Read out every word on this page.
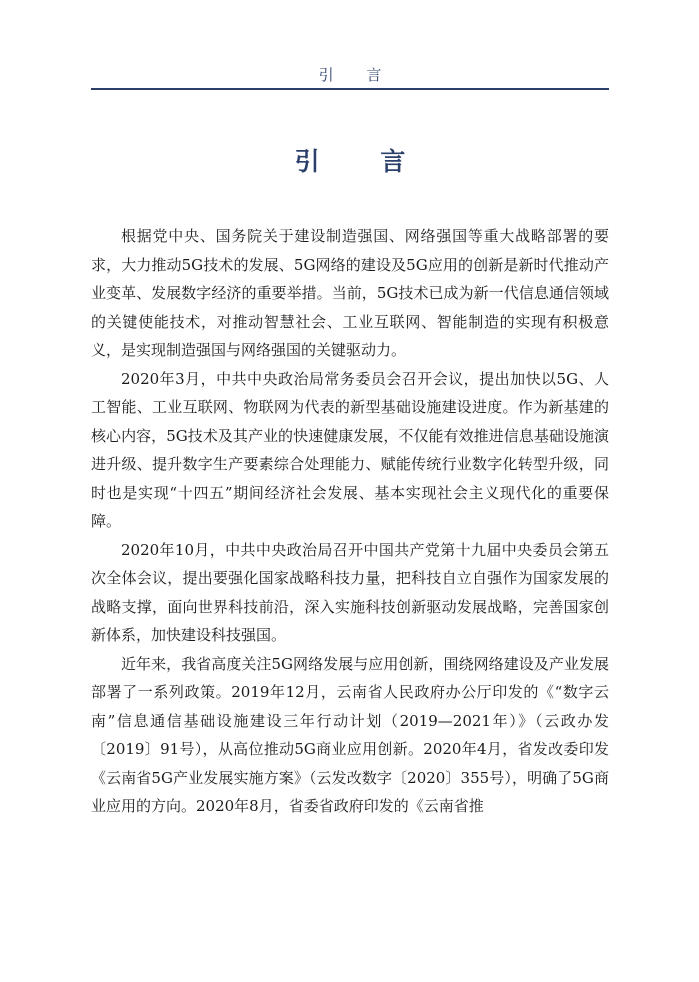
引 言
引 言

根据党中央、国务院关于建设制造强国、网络强国等重大战略部署的要求，大力推动5G技术的发展、5G网络的建设及5G应用的创新是新时代推动产业变革、发展数字经济的重要举措。当前，5G技术已成为新一代信息通信领域的关键使能技术，对推动智慧社会、工业互联网、智能制造的实现有积极意义，是实现制造强国与网络强国的关键驱动力。

2020年3月，中共中央政治局常务委员会召开会议，提出加快以5G、人工智能、工业互联网、物联网为代表的新型基础设施建设进度。作为新基建的核心内容，5G技术及其产业的快速健康发展，不仅能有效推进信息基础设施演进升级、提升数字生产要素综合处理能力、赋能传统行业数字化转型升级，同时也是实现“十四五”期间经济社会发展、基本实现社会主义现代化的重要保障。

2020年10月，中共中央政治局召开中国共产党第十九届中央委员会第五次全体会议，提出要强化国家战略科技力量，把科技自立自强作为国家发展的战略支撑，面向世界科技前沿，深入实施科技创新驱动发展战略，完善国家创新体系，加快建设科技强国。

近年来，我省高度关注5G网络发展与应用创新，围绕网络建设及产业发展部署了一系列政策。2019年12月，云南省人民政府办公厅印发的《“数字云南”信息通信基础设施建设三年行动计划（2019—2021年）》（云政办发〔2019〕91号），从高位推动5G商业应用创新。2020年4月，省发改委印发《云南省5G产业发展实施方案》（云发改数字〔2020〕355号），明确了5G商业应用的方向。2020年8月，省委省政府印发的《云南省推
